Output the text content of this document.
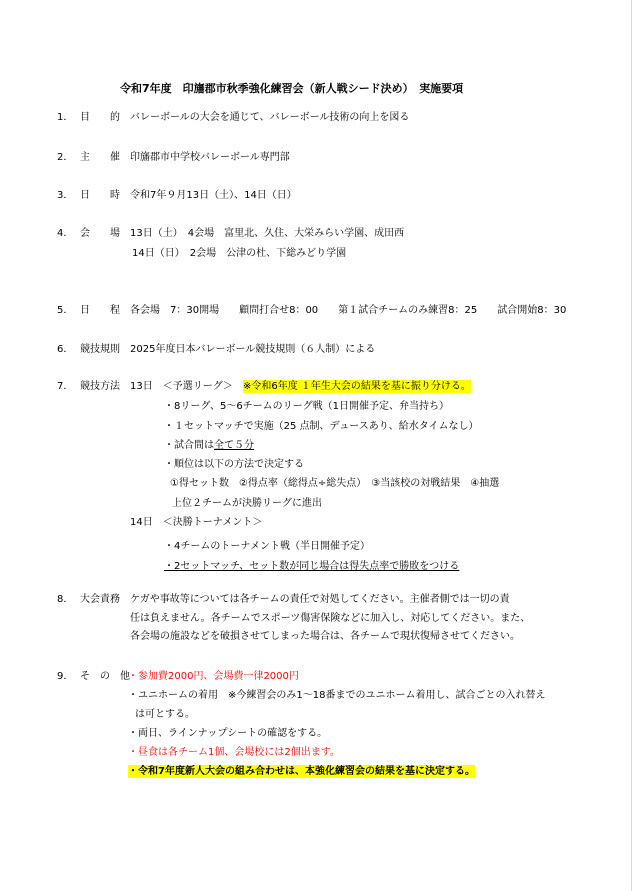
令和7年度　印旛郡市秋季強化練習会（新人戦シード決め）　実施要項
1． 目　　的 バレーボールの大会を通じて、バレーボール技術の向上を図る
2． 主　　催 印旛郡市中学校バレーボール専門部
3． 日　　時 令和7年９月13日（土）、14日（日）
4． 会　　場 13日（土）　4会場　富里北、久住、大栄みらい学園、成田西
14日（日）　2会場　公津の杜、下総みどり学園
5． 日　　程 各会場　7：30開場　　顧問打合せ8：00　　第１試合チームのみ練習8：25　　試合開始8：30
6． 競技規則 2025年度日本バレーボール競技規則（６人制）による
7． 競技方法 13日　＜予選リーグ＞ ※令和6年度 １年生大会の結果を基に振り分ける。
・8リーグ、5～6チームのリーグ戦（1日開催予定、弁当持ち）
・１セットマッチで実施（25 点制、デュースあり、給水タイムなし）
・試合間は全て５分
・順位は以下の方法で決定する
①得セット数　②得点率（総得点÷総失点）　③当該校の対戦結果　④抽選
上位２チームが決勝リーグに進出
14日　＜決勝トーナメント＞
・4チームのトーナメント戦（半日開催予定）
・2セットマッチ、セット数が同じ場合は得失点率で勝敗をつける
8． 大会責務 ケガや事故等については各チームの責任で対処してください。主催者側では一切の責
任は負えません。各チームでスポーツ傷害保険などに加入し、対応してください。また、
各会場の施設などを破損させてしまった場合は、各チームで現状復帰させてください。
9． そ　の　他
・参加費2000円、会場費一律2000円
・ユニホームの着用　※今練習会のみ1～18番までのユニホーム着用し、試合ごとの入れ替え
は可とする。
・両日、ラインナップシートの確認をする。
・昼食は各チーム1個、会場校には2個出ます。
・令和7年度新人大会の組み合わせは、本強化練習会の結果を基に決定する。
